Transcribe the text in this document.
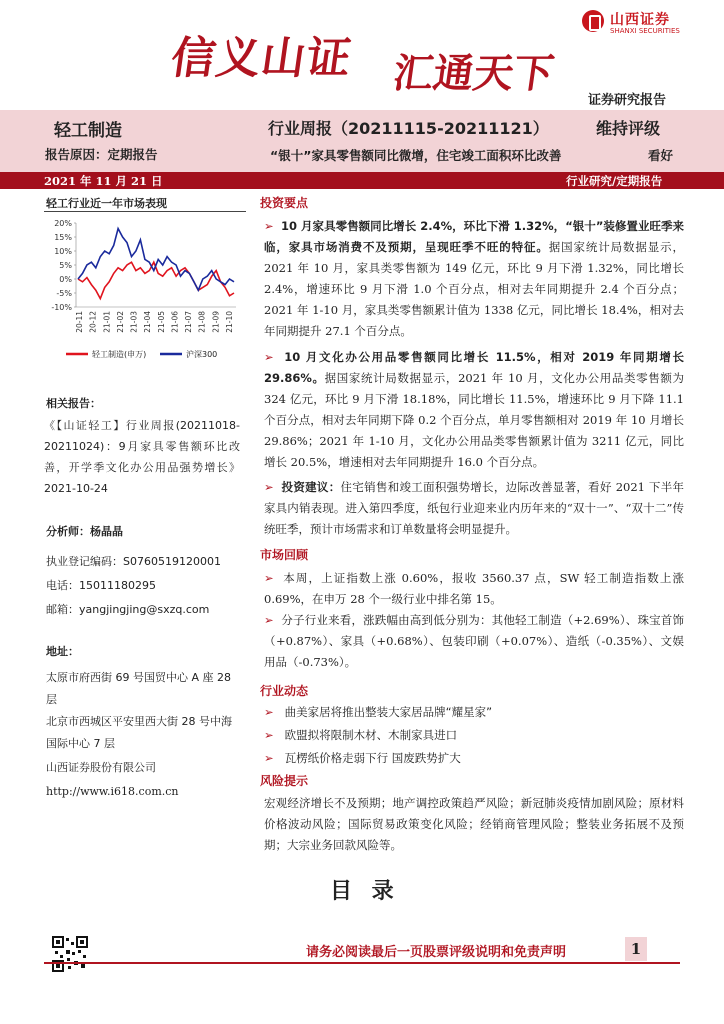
信义山证 汇通天下
山西证券
SHANXI SECURITIES
证券研究报告
轻工制造
报告原因：定期报告
行业周报（20211115-20211121）	维持评级
“银十”家具零售额同比微增，住宅竣工面积环比改善	看好
2021 年 11 月 21 日	行业研究/定期报告
轻工行业近一年市场表现
20%
15%
10%
5%
0%
-5%
-10%
20-11 20-12 21-01 21-02 21-03 21-04 21-05 21-06 21-07 21-08 21-09 21-10
轻工制造(申万)	沪深300
相关报告：
《【山证轻工】行业周报(20211018-20211024)：9月家具零售额环比改善，开学季文化办公用品强势增长》2021-10-24
分析师：杨晶晶
执业登记编码：S0760519120001
电话：15011180295
邮箱：yangjingjing@sxzq.com
地址：
太原市府西街 69 号国贸中心 A 座 28 层
北京市西城区平安里西大街 28 号中海国际中心 7 层
山西证券股份有限公司
http://www.i618.com.cn
投资要点
➢ 10 月家具零售额同比增长 2.4%，环比下滑 1.32%，“银十”装修置业旺季来临，家具市场消费不及预期，呈现旺季不旺的特征。据国家统计局数据显示，2021 年 10 月，家具类零售额为 149 亿元，环比 9 月下滑 1.32%，同比增长 2.4%，增速环比 9 月下滑 1.0 个百分点，相对去年同期提升 2.4 个百分点；2021 年 1-10 月，家具类零售额累计值为 1338 亿元，同比增长 18.4%，相对去年同期提升 27.1 个百分点。
➢ 10 月文化办公用品零售额同比增长 11.5%，相对 2019 年同期增长 29.86%。据国家统计局数据显示，2021 年 10 月，文化办公用品类零售额为 324 亿元，环比 9 月下滑 18.18%，同比增长 11.5%，增速环比 9 月下降 11.1 个百分点，相对去年同期下降 0.2 个百分点，单月零售额相对 2019 年 10 月增长 29.86%；2021 年 1-10 月，文化办公用品类零售额累计值为 3211 亿元，同比增长 20.5%，增速相对去年同期提升 16.0 个百分点。
➢ 投资建议：住宅销售和竣工面积强势增长，边际改善显著，看好 2021 下半年家具内销表现。进入第四季度，纸包行业迎来业内历年来的“双十一”、“双十二”传统旺季，预计市场需求和订单数量将会明显提升。
市场回顾
➢ 本周，上证指数上涨 0.60%，报收 3560.37 点，SW 轻工制造指数上涨 0.69%，在申万 28 个一级行业中排名第 15。
➢ 分子行业来看，涨跌幅由高到低分别为：其他轻工制造（+2.69%）、珠宝首饰（+0.87%）、家具（+0.68%）、包装印刷（+0.07%）、造纸（-0.35%）、文娱用品（-0.73%）。
行业动态
➢ 曲美家居将推出整装大家居品牌“耀星家”
➢ 欧盟拟将限制木材、木制家具进口
➢ 瓦楞纸价格走弱下行 国废跌势扩大
风险提示
宏观经济增长不及预期；地产调控政策趋严风险；新冠肺炎疫情加剧风险；原材料价格波动风险；国际贸易政策变化风险；经销商管理风险；整装业务拓展不及预期；大宗业务回款风险等。
目 录
请务必阅读最后一页股票评级说明和免责声明	1
